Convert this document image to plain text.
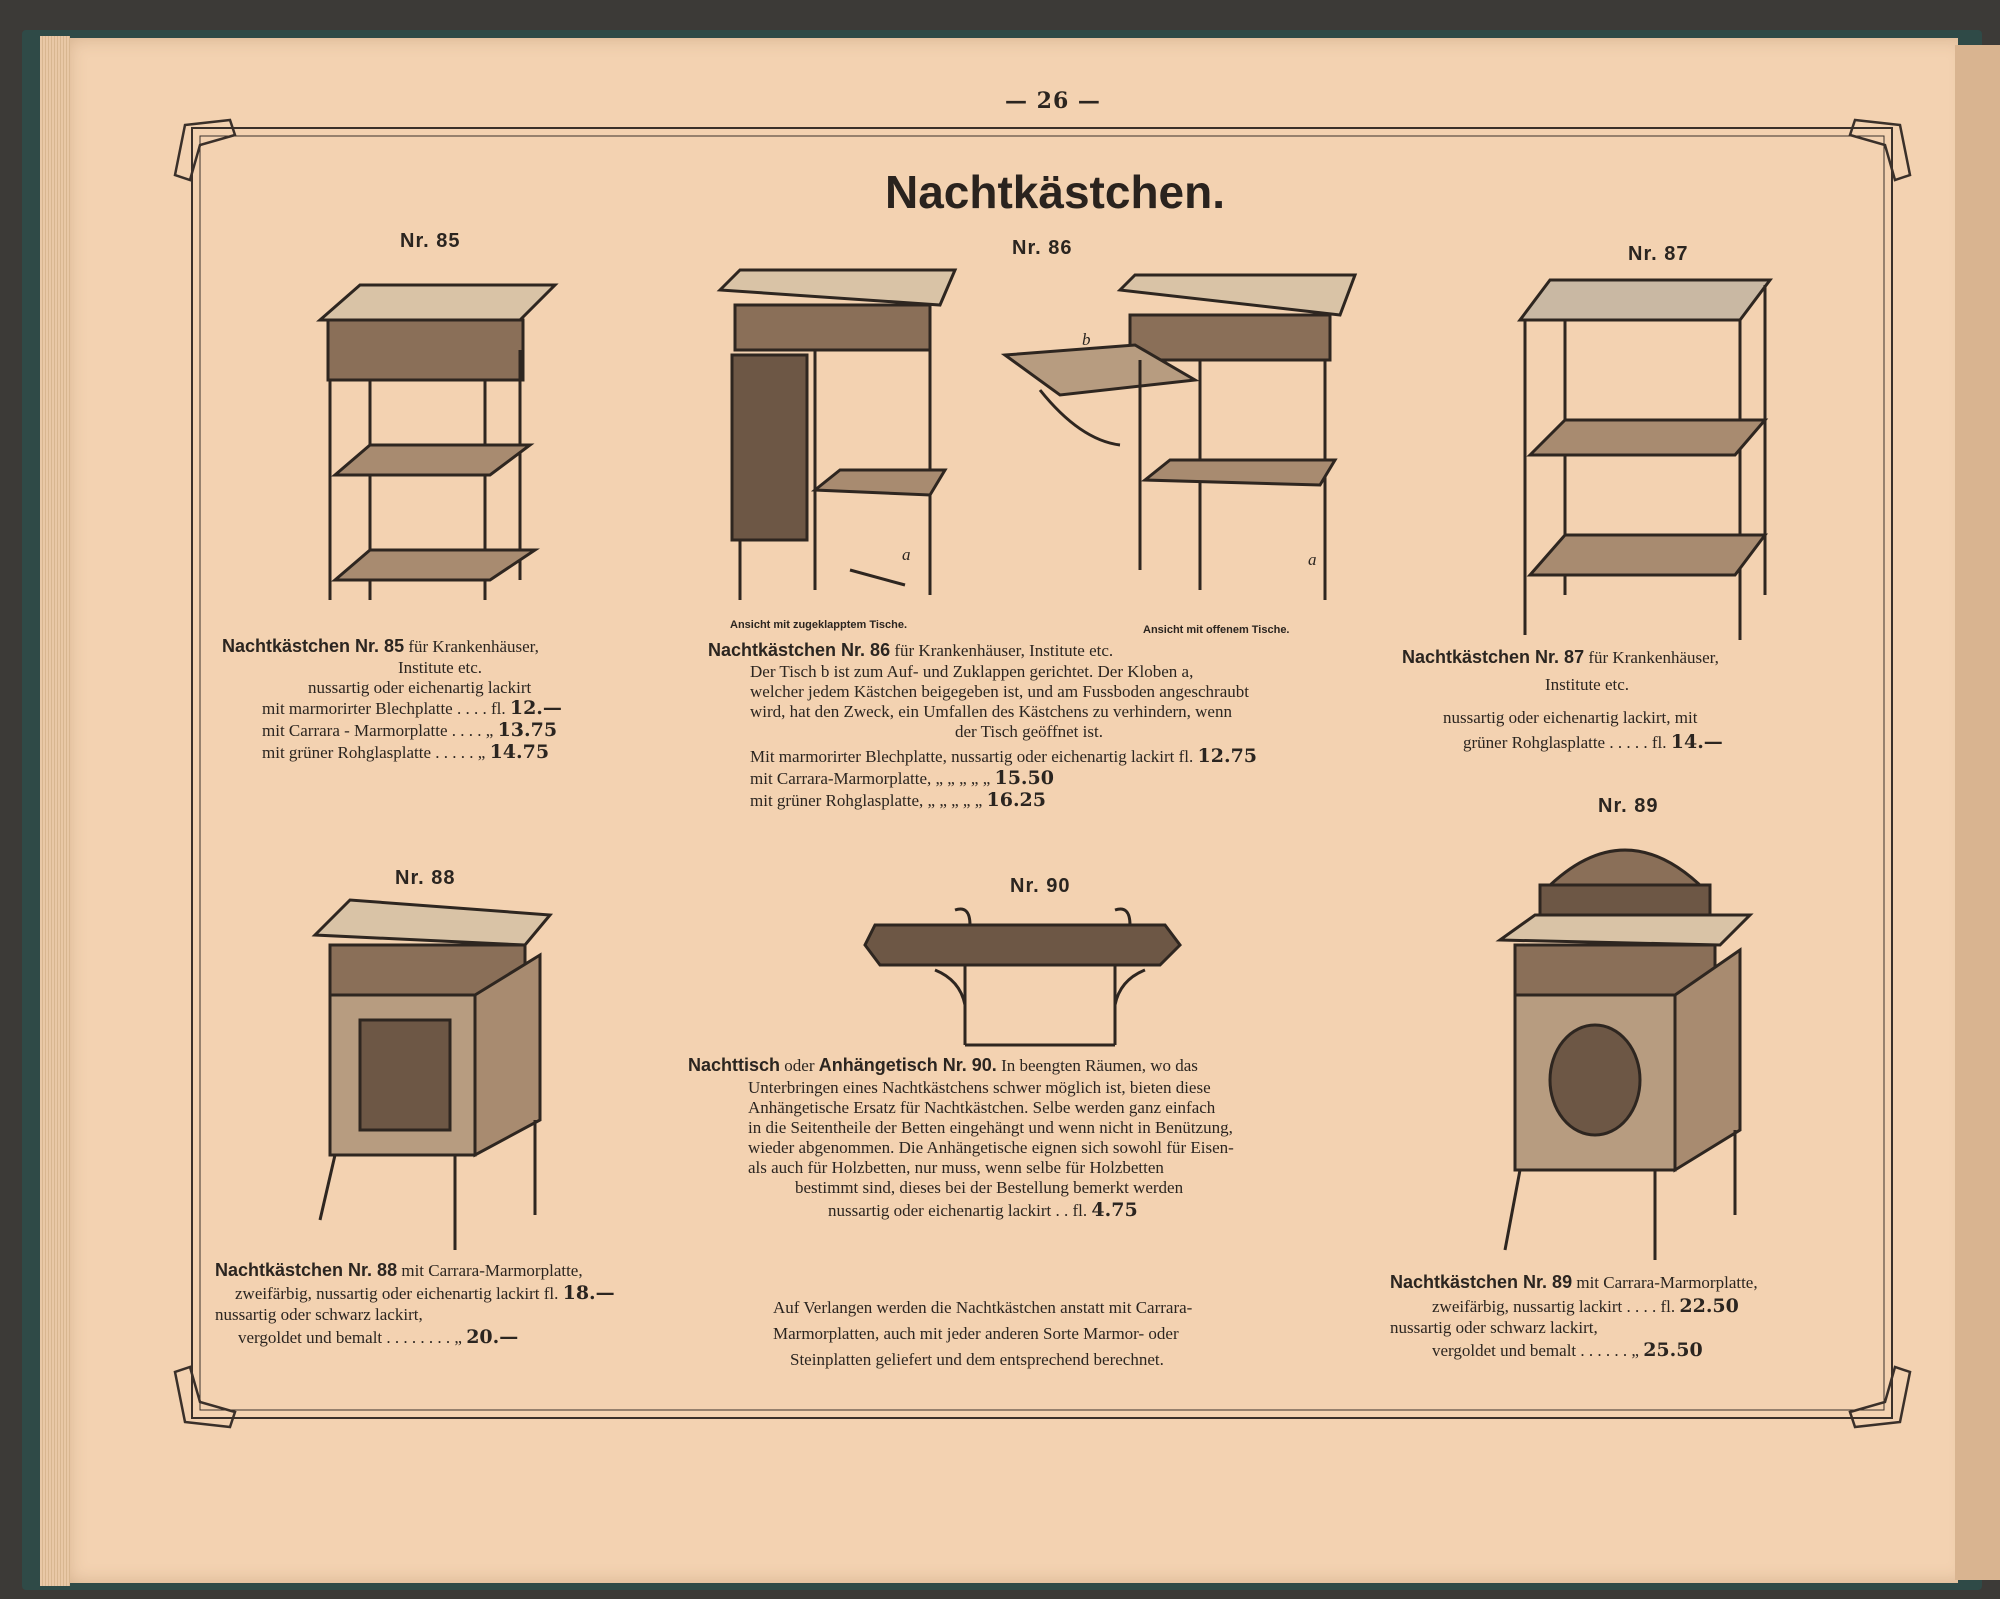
— 26 —
Nachtkästchen.
Nr. 85
Nachtkästchen Nr. 85 für Krankenhäuser,
Institute etc.
nussartig oder eichenartig lackirt
mit marmorirter Blechplatte . . . . fl. 12.—
mit Carrara - Marmorplatte . . . . „ 13.75
mit grüner Rohglasplatte . . . . . „ 14.75
Nr. 86
b
a	a
Ansicht mit zugeklapptem Tische.	Ansicht mit offenem Tische.
Nachtkästchen Nr. 86 für Krankenhäuser, Institute etc.
Der Tisch b ist zum Auf- und Zuklappen gerichtet. Der Kloben a,
welcher jedem Kästchen beigegeben ist, und am Fussboden angeschraubt
wird, hat den Zweck, ein Umfallen des Kästchens zu verhindern, wenn
der Tisch geöffnet ist.
Mit marmorirter Blechplatte, nussartig oder eichenartig lackirt fl. 12.75
mit Carrara-Marmorplatte, „ „ „ „ „ 15.50
mit grüner Rohglasplatte, „ „ „ „ „ 16.25
Nr. 87
Nachtkästchen Nr. 87 für Krankenhäuser,
Institute etc.
nussartig oder eichenartig lackirt, mit
grüner Rohglasplatte . . . . . fl. 14.—
Nr. 88
Nachtkästchen Nr. 88 mit Carrara-Marmorplatte,
zweifärbig, nussartig oder eichenartig lackirt fl. 18.—
nussartig oder schwarz lackirt,
vergoldet und bemalt . . . . . . . . „ 20.—
Nr. 90
Nachttisch oder Anhängetisch Nr. 90. In beengten Räumen, wo das
Unterbringen eines Nachtkästchens schwer möglich ist, bieten diese
Anhängetische Ersatz für Nachtkästchen. Selbe werden ganz einfach
in die Seitentheile der Betten eingehängt und wenn nicht in Benützung,
wieder abgenommen. Die Anhängetische eignen sich sowohl für Eisen-
als auch für Holzbetten, nur muss, wenn selbe für Holzbetten
bestimmt sind, dieses bei der Bestellung bemerkt werden
nussartig oder eichenartig lackirt . . fl. 4.75
Auf Verlangen werden die Nachtkästchen anstatt mit Carrara-
Marmorplatten, auch mit jeder anderen Sorte Marmor- oder
Steinplatten geliefert und dem entsprechend berechnet.
Nr. 89
Nachtkästchen Nr. 89 mit Carrara-Marmorplatte,
zweifärbig, nussartig lackirt . . . . fl. 22.50
nussartig oder schwarz lackirt,
vergoldet und bemalt . . . . . . „ 25.50
